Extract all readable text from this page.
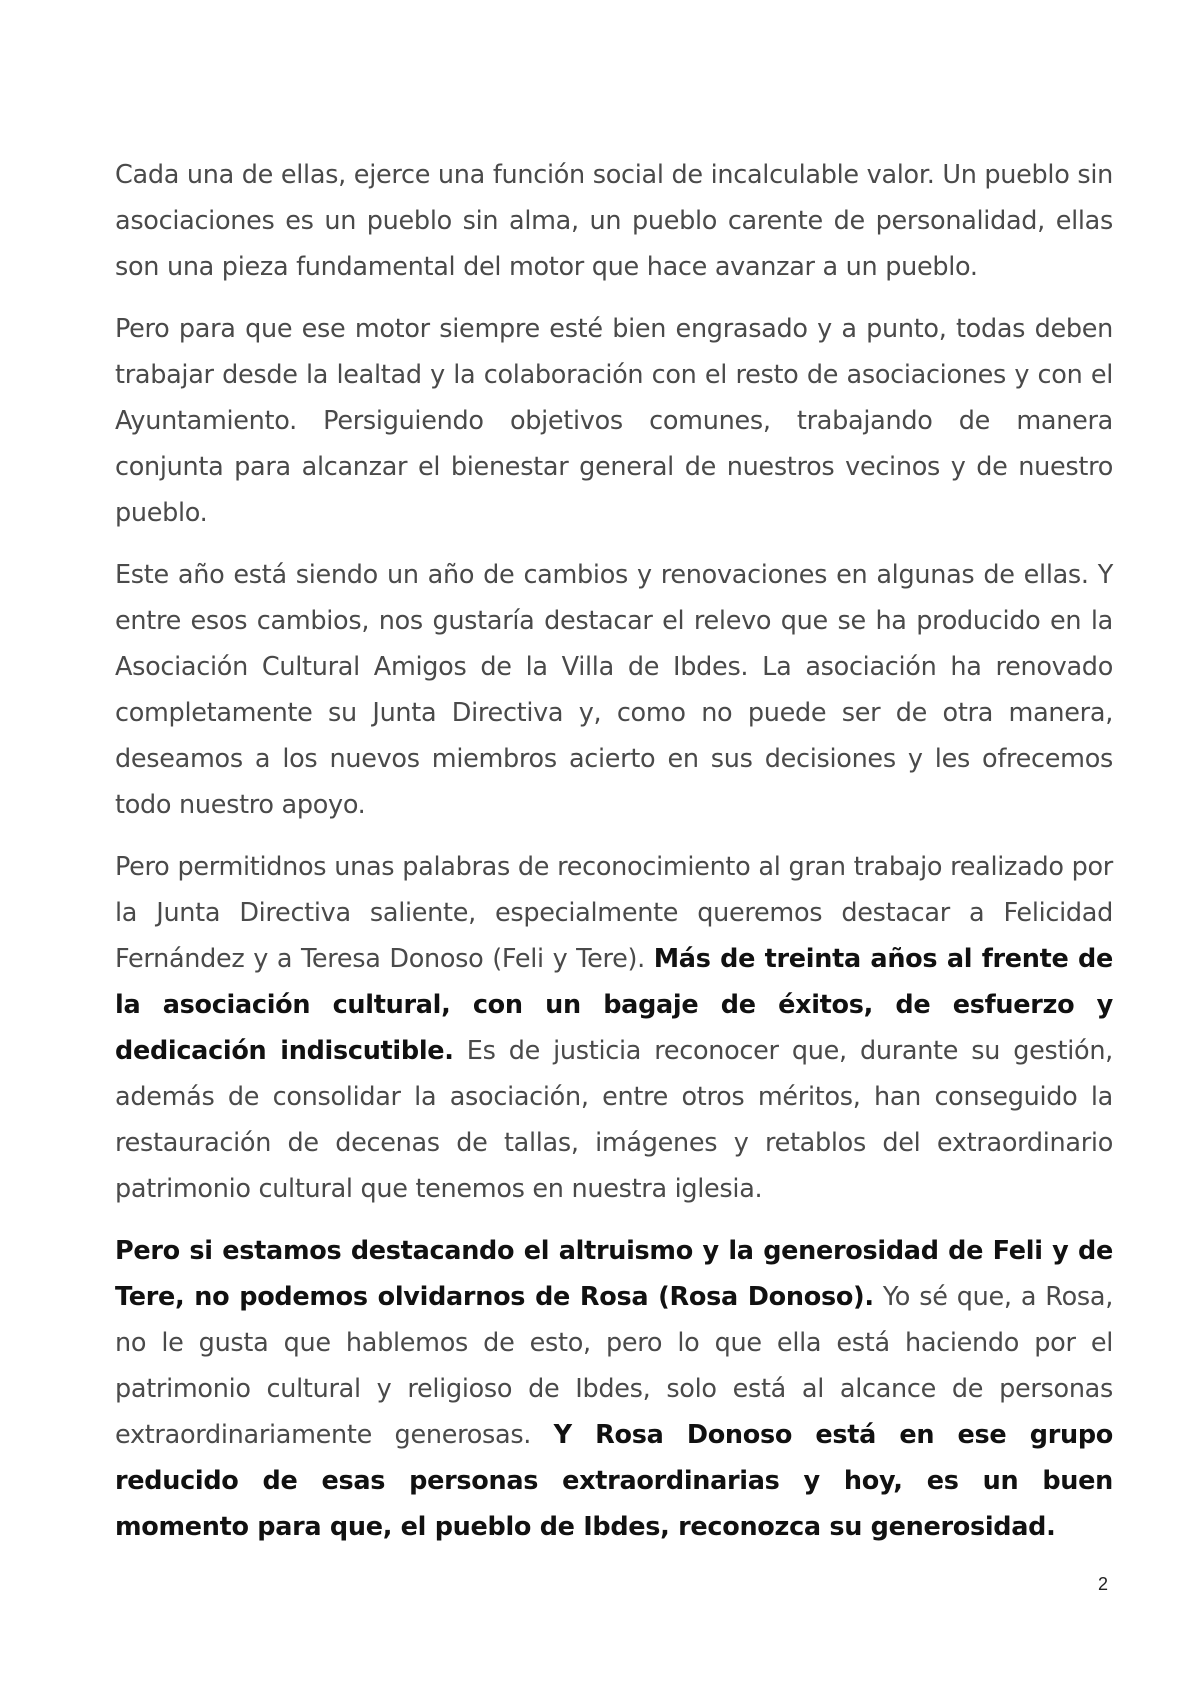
Cada una de ellas, ejerce una función social de incalculable valor. Un pueblo sin asociaciones es un pueblo sin alma, un pueblo carente de personalidad, ellas son una pieza fundamental del motor que hace avanzar a un pueblo.

Pero para que ese motor siempre esté bien engrasado y a punto, todas deben trabajar desde la lealtad y la colaboración con el resto de asociaciones y con el Ayuntamiento. Persiguiendo objetivos comunes, trabajando de manera conjunta para alcanzar el bienestar general de nuestros vecinos y de nuestro pueblo.

Este año está siendo un año de cambios y renovaciones en algunas de ellas. Y entre esos cambios, nos gustaría destacar el relevo que se ha producido en la Asociación Cultural Amigos de la Villa de Ibdes. La asociación ha renovado completamente su Junta Directiva y, como no puede ser de otra manera, deseamos a los nuevos miembros acierto en sus decisiones y les ofrecemos todo nuestro apoyo.

Pero permitidnos unas palabras de reconocimiento al gran trabajo realizado por la Junta Directiva saliente, especialmente queremos destacar a Felicidad Fernández y a Teresa Donoso (Feli y Tere). Más de treinta años al frente de la asociación cultural, con un bagaje de éxitos, de esfuerzo y dedicación indiscutible. Es de justicia reconocer que, durante su gestión, además de consolidar la asociación, entre otros méritos, han conseguido la restauración de decenas de tallas, imágenes y retablos del extraordinario patrimonio cultural que tenemos en nuestra iglesia.

Pero si estamos destacando el altruismo y la generosidad de Feli y de Tere, no podemos olvidarnos de Rosa (Rosa Donoso). Yo sé que, a Rosa, no le gusta que hablemos de esto, pero lo que ella está haciendo por el patrimonio cultural y religioso de Ibdes, solo está al alcance de personas extraordinariamente generosas. Y Rosa Donoso está en ese grupo reducido de esas personas extraordinarias y hoy, es un buen momento para que, el pueblo de Ibdes, reconozca su generosidad.

2
